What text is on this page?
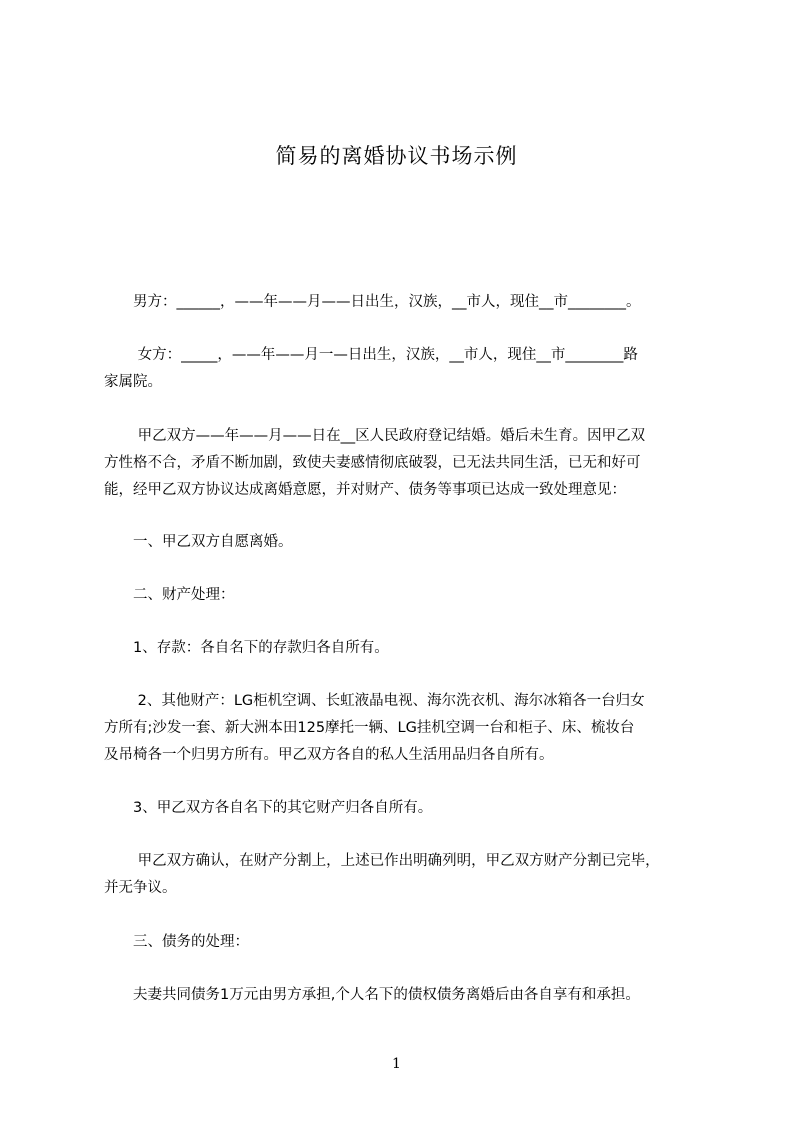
简易的离婚协议书场示例
　　男方：______，——年——月——日出生，汉族，__市人，现住__市________。
　　 女方：_____，——年——月一—日出生，汉族，__市人，现住__市________路
家属院。
　　 甲乙双方——年——月——日在__区人民政府登记结婚。婚后未生育。因甲乙双
方性格不合，矛盾不断加剧，致使夫妻感情彻底破裂，已无法共同生活，已无和好可
能，经甲乙双方协议达成离婚意愿，并对财产、债务等事项已达成一致处理意见：
　　一、甲乙双方自愿离婚。
　　二、财产处理：
　　1、存款：各自名下的存款归各自所有。
　　 2、其他财产：LG柜机空调、长虹液晶电视、海尔洗衣机、海尔冰箱各一台归女
方所有;沙发一套、新大洲本田125摩托一辆、LG挂机空调一台和柜子、床、梳妆台
及吊椅各一个归男方所有。甲乙双方各自的私人生活用品归各自所有。
　　3、甲乙双方各自名下的其它财产归各自所有。
　　 甲乙双方确认，在财产分割上，上述已作出明确列明，甲乙双方财产分割已完毕，
并无争议。
　　三、债务的处理：
　　夫妻共同债务1万元由男方承担,个人名下的债权债务离婚后由各自享有和承担。
1
